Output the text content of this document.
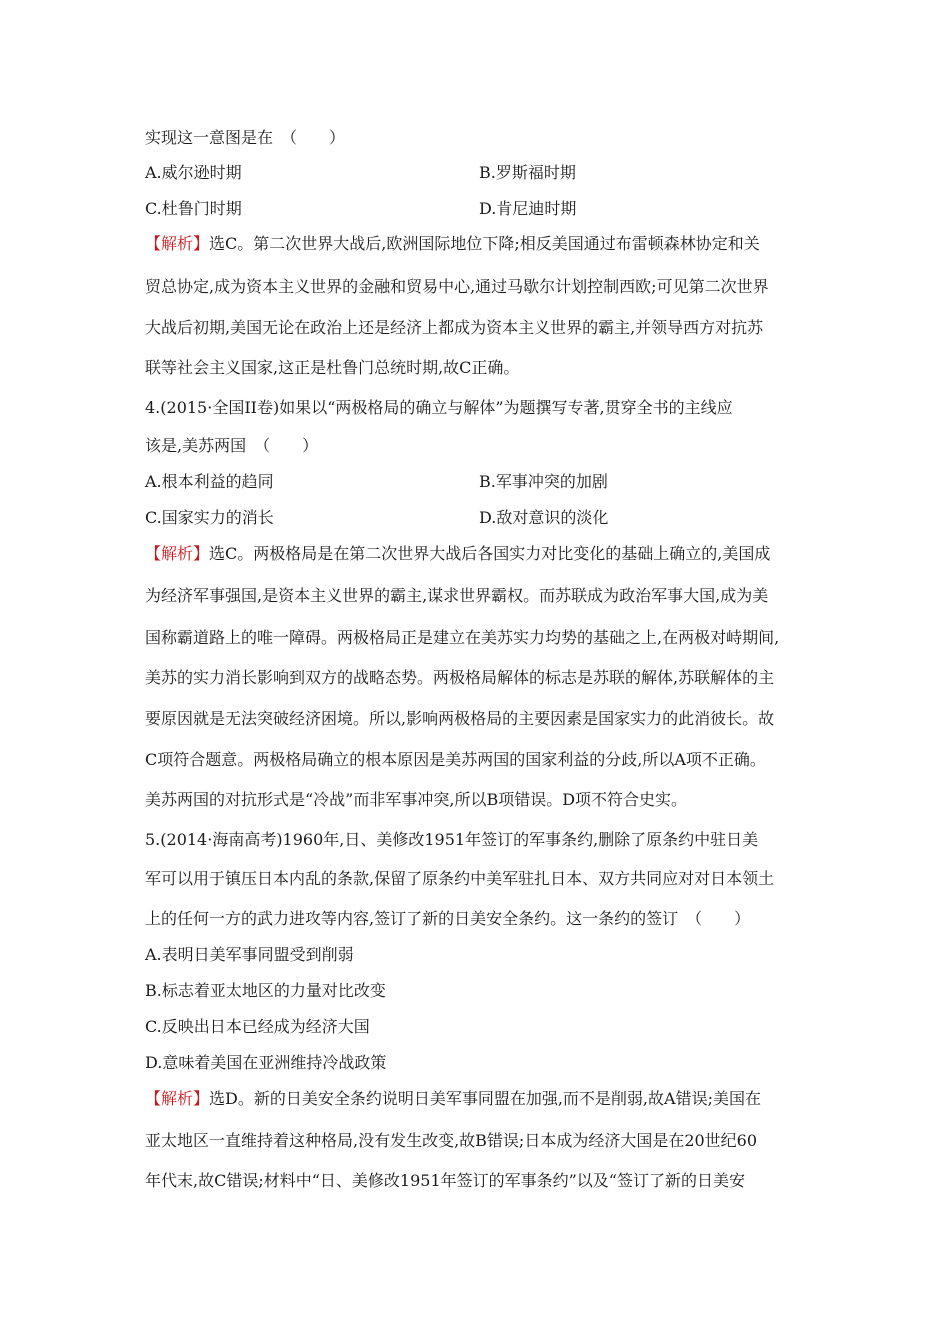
实现这一意图是在　（　　）
A.威尔逊时期	B.罗斯福时期
C.杜鲁门时期	D.肯尼迪时期
【解析】选C。第二次世界大战后,欧洲国际地位下降;相反美国通过布雷顿森林协定和关
贸总协定,成为资本主义世界的金融和贸易中心,通过马歇尔计划控制西欧;可见第二次世界
大战后初期,美国无论在政治上还是经济上都成为资本主义世界的霸主,并领导西方对抗苏
联等社会主义国家,这正是杜鲁门总统时期,故C正确。
4.(2015·全国II卷)如果以“两极格局的确立与解体”为题撰写专著,贯穿全书的主线应
该是,美苏两国　（　　）
A.根本利益的趋同	B.军事冲突的加剧
C.国家实力的消长	D.敌对意识的淡化
【解析】选C。两极格局是在第二次世界大战后各国实力对比变化的基础上确立的,美国成
为经济军事强国,是资本主义世界的霸主,谋求世界霸权。而苏联成为政治军事大国,成为美
国称霸道路上的唯一障碍。两极格局正是建立在美苏实力均势的基础之上,在两极对峙期间,
美苏的实力消长影响到双方的战略态势。两极格局解体的标志是苏联的解体,苏联解体的主
要原因就是无法突破经济困境。所以,影响两极格局的主要因素是国家实力的此消彼长。故
C项符合题意。两极格局确立的根本原因是美苏两国的国家利益的分歧,所以A项不正确。
美苏两国的对抗形式是“冷战”而非军事冲突,所以B项错误。D项不符合史实。
5.(2014·海南高考)1960年,日、美修改1951年签订的军事条约,删除了原条约中驻日美
军可以用于镇压日本内乱的条款,保留了原条约中美军驻扎日本、双方共同应对对日本领土
上的任何一方的武力进攻等内容,签订了新的日美安全条约。这一条约的签订　（　　）
A.表明日美军事同盟受到削弱
B.标志着亚太地区的力量对比改变
C.反映出日本已经成为经济大国
D.意味着美国在亚洲维持冷战政策
【解析】选D。新的日美安全条约说明日美军事同盟在加强,而不是削弱,故A错误;美国在
亚太地区一直维持着这种格局,没有发生改变,故B错误;日本成为经济大国是在20世纪60
年代末,故C错误;材料中“日、美修改1951年签订的军事条约”以及“签订了新的日美安
